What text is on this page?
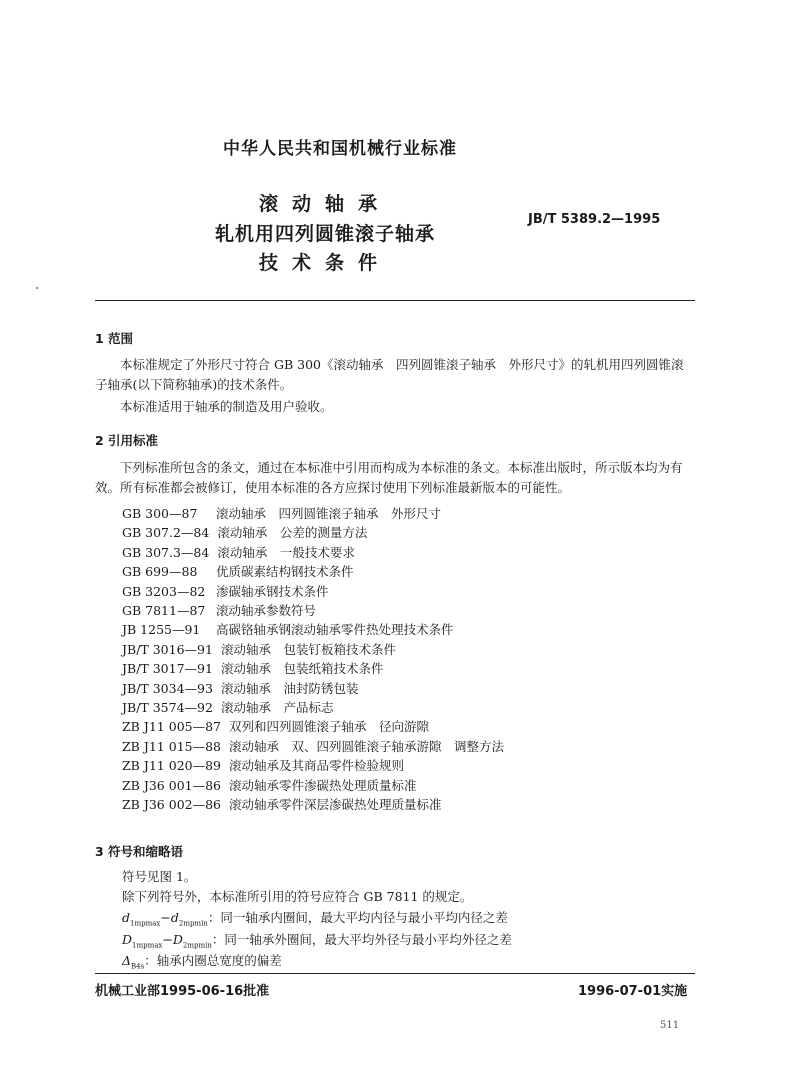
中华人民共和国机械行业标准
滚动轴承
轧机用四列圆锥滚子轴承
技术条件
JB/T 5389.2—1995
1 范围
本标准规定了外形尺寸符合 GB 300《滚动轴承　四列圆锥滚子轴承　外形尺寸》的轧机用四列圆锥滚子轴承(以下简称轴承)的技术条件。
本标准适用于轴承的制造及用户验收。
2 引用标准
下列标准所包含的条文，通过在本标准中引用而构成为本标准的条文。本标准出版时，所示版本均为有效。所有标准都会被修订，使用本标准的各方应探讨使用下列标准最新版本的可能性。
GB 300—87 滚动轴承　四列圆锥滚子轴承　外形尺寸
GB 307.2—84 滚动轴承　公差的测量方法
GB 307.3—84 滚动轴承　一般技术要求
GB 699—88 优质碳素结构钢技术条件
GB 3203—82 渗碳轴承钢技术条件
GB 7811—87 滚动轴承参数符号
JB 1255—91 高碳铬轴承钢滚动轴承零件热处理技术条件
JB/T 3016—91 滚动轴承　包装钉板箱技术条件
JB/T 3017—91 滚动轴承　包装纸箱技术条件
JB/T 3034—93 滚动轴承　油封防锈包装
JB/T 3574—92 滚动轴承　产品标志
ZB J11 005—87 双列和四列圆锥滚子轴承　径向游隙
ZB J11 015—88 滚动轴承　双、四列圆锥滚子轴承游隙　调整方法
ZB J11 020—89 滚动轴承及其商品零件检验规则
ZB J36 001—86 滚动轴承零件渗碳热处理质量标准
ZB J36 002—86 滚动轴承零件深层渗碳热处理质量标准
3 符号和缩略语
符号见图 1。
除下列符号外，本标准所引用的符号应符合 GB 7811 的规定。
$d_{1mpmax}-d_{2mpmin}$：同一轴承内圈间，最大平均内径与最小平均内径之差
$D_{1mpmax}-D_{2mpmin}$：同一轴承外圈间，最大平均外径与最小平均外径之差
$\Delta_{B4s}$：轴承内圈总宽度的偏差
机械工业部1995-06-16批准	1996-07-01实施
511
